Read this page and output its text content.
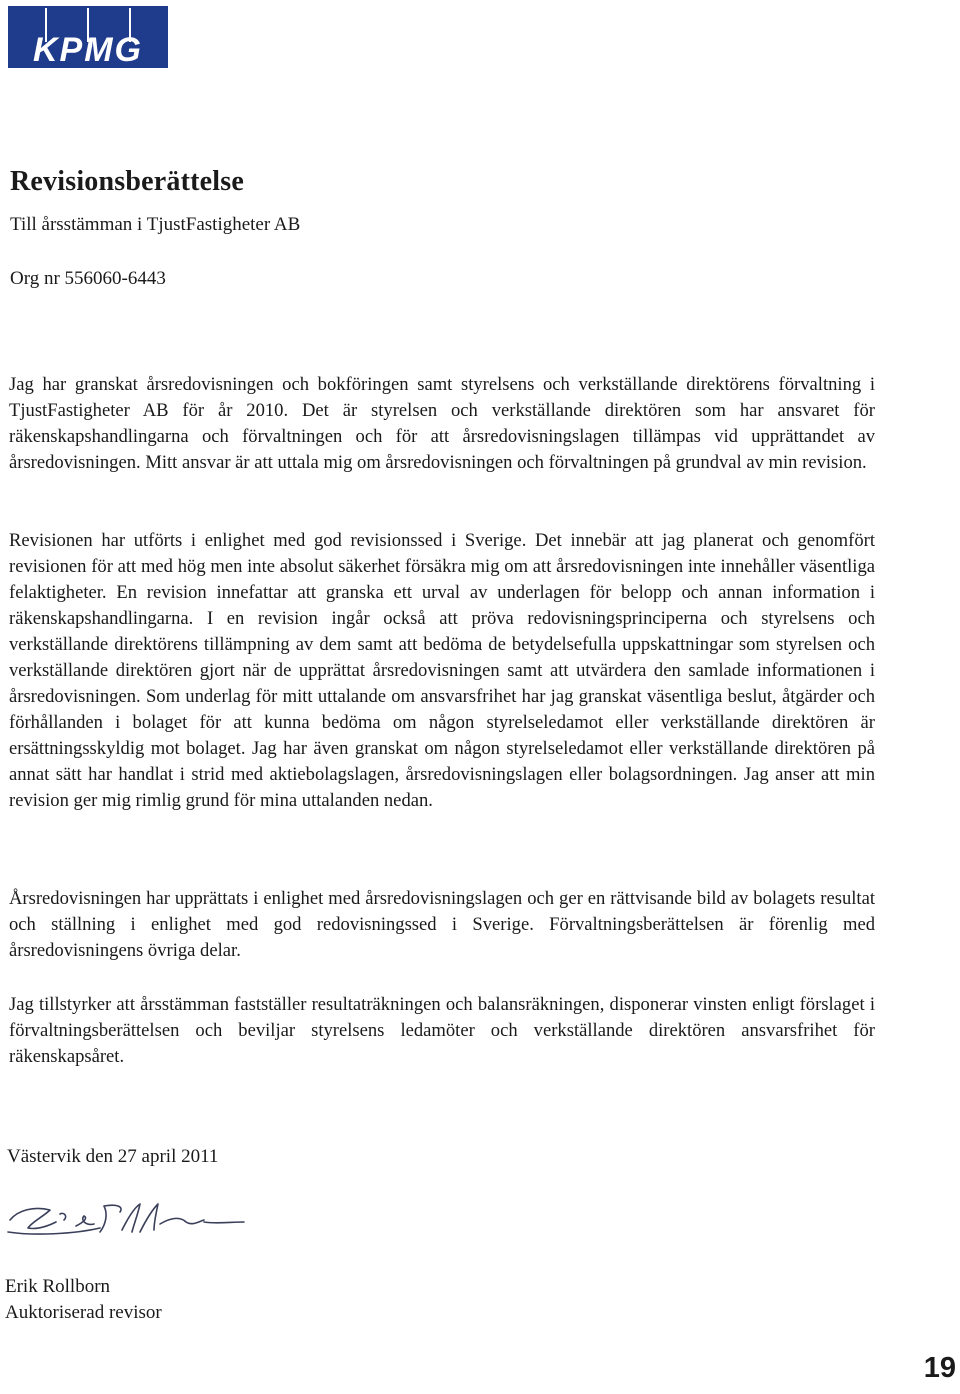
KPMG
Revisionsberättelse
Till årsstämman i TjustFastigheter AB
Org nr 556060-6443

Jag har granskat årsredovisningen och bokföringen samt styrelsens och verkställande direktörens förvaltning i TjustFastigheter AB för år 2010. Det är styrelsen och verkställande direktören som har ansvaret för räkenskapshandlingarna och förvaltningen och för att årsredovisningslagen tillämpas vid upprättandet av årsredovisningen. Mitt ansvar är att uttala mig om årsredovisningen och förvaltningen på grundval av min revision.

Revisionen har utförts i enlighet med god revisionssed i Sverige. Det innebär att jag planerat och genomfört revisionen för att med hög men inte absolut säkerhet försäkra mig om att årsredovisningen inte innehåller väsentliga felaktigheter. En revision innefattar att granska ett urval av underlagen för belopp och annan information i räkenskapshandlingarna. I en revision ingår också att pröva redovisningsprinciperna och styrelsens och verkställande direktörens tillämpning av dem samt att bedöma de betydelsefulla uppskattningar som styrelsen och verkställande direktören gjort när de upprättat årsredovisningen samt att utvärdera den samlade informationen i årsredovisningen. Som underlag för mitt uttalande om ansvarsfrihet har jag granskat väsentliga beslut, åtgärder och förhållanden i bolaget för att kunna bedöma om någon styrelseledamot eller verkställande direktören är ersättningsskyldig mot bolaget. Jag har även granskat om någon styrelseledamot eller verkställande direktören på annat sätt har handlat i strid med aktiebolagslagen, årsredovisningslagen eller bolagsordningen. Jag anser att min revision ger mig rimlig grund för mina uttalanden nedan.

Årsredovisningen har upprättats i enlighet med årsredovisningslagen och ger en rättvisande bild av bolagets resultat och ställning i enlighet med god redovisningssed i Sverige. Förvaltningsberättelsen är förenlig med årsredovisningens övriga delar.

Jag tillstyrker att årsstämman fastställer resultaträkningen och balansräkningen, disponerar vinsten enligt förslaget i förvaltningsberättelsen och beviljar styrelsens ledamöter och verkställande direktören ansvarsfrihet för räkenskapsåret.

Västervik den 27 april 2011
Erik Rollborn
Auktoriserad revisor
19
